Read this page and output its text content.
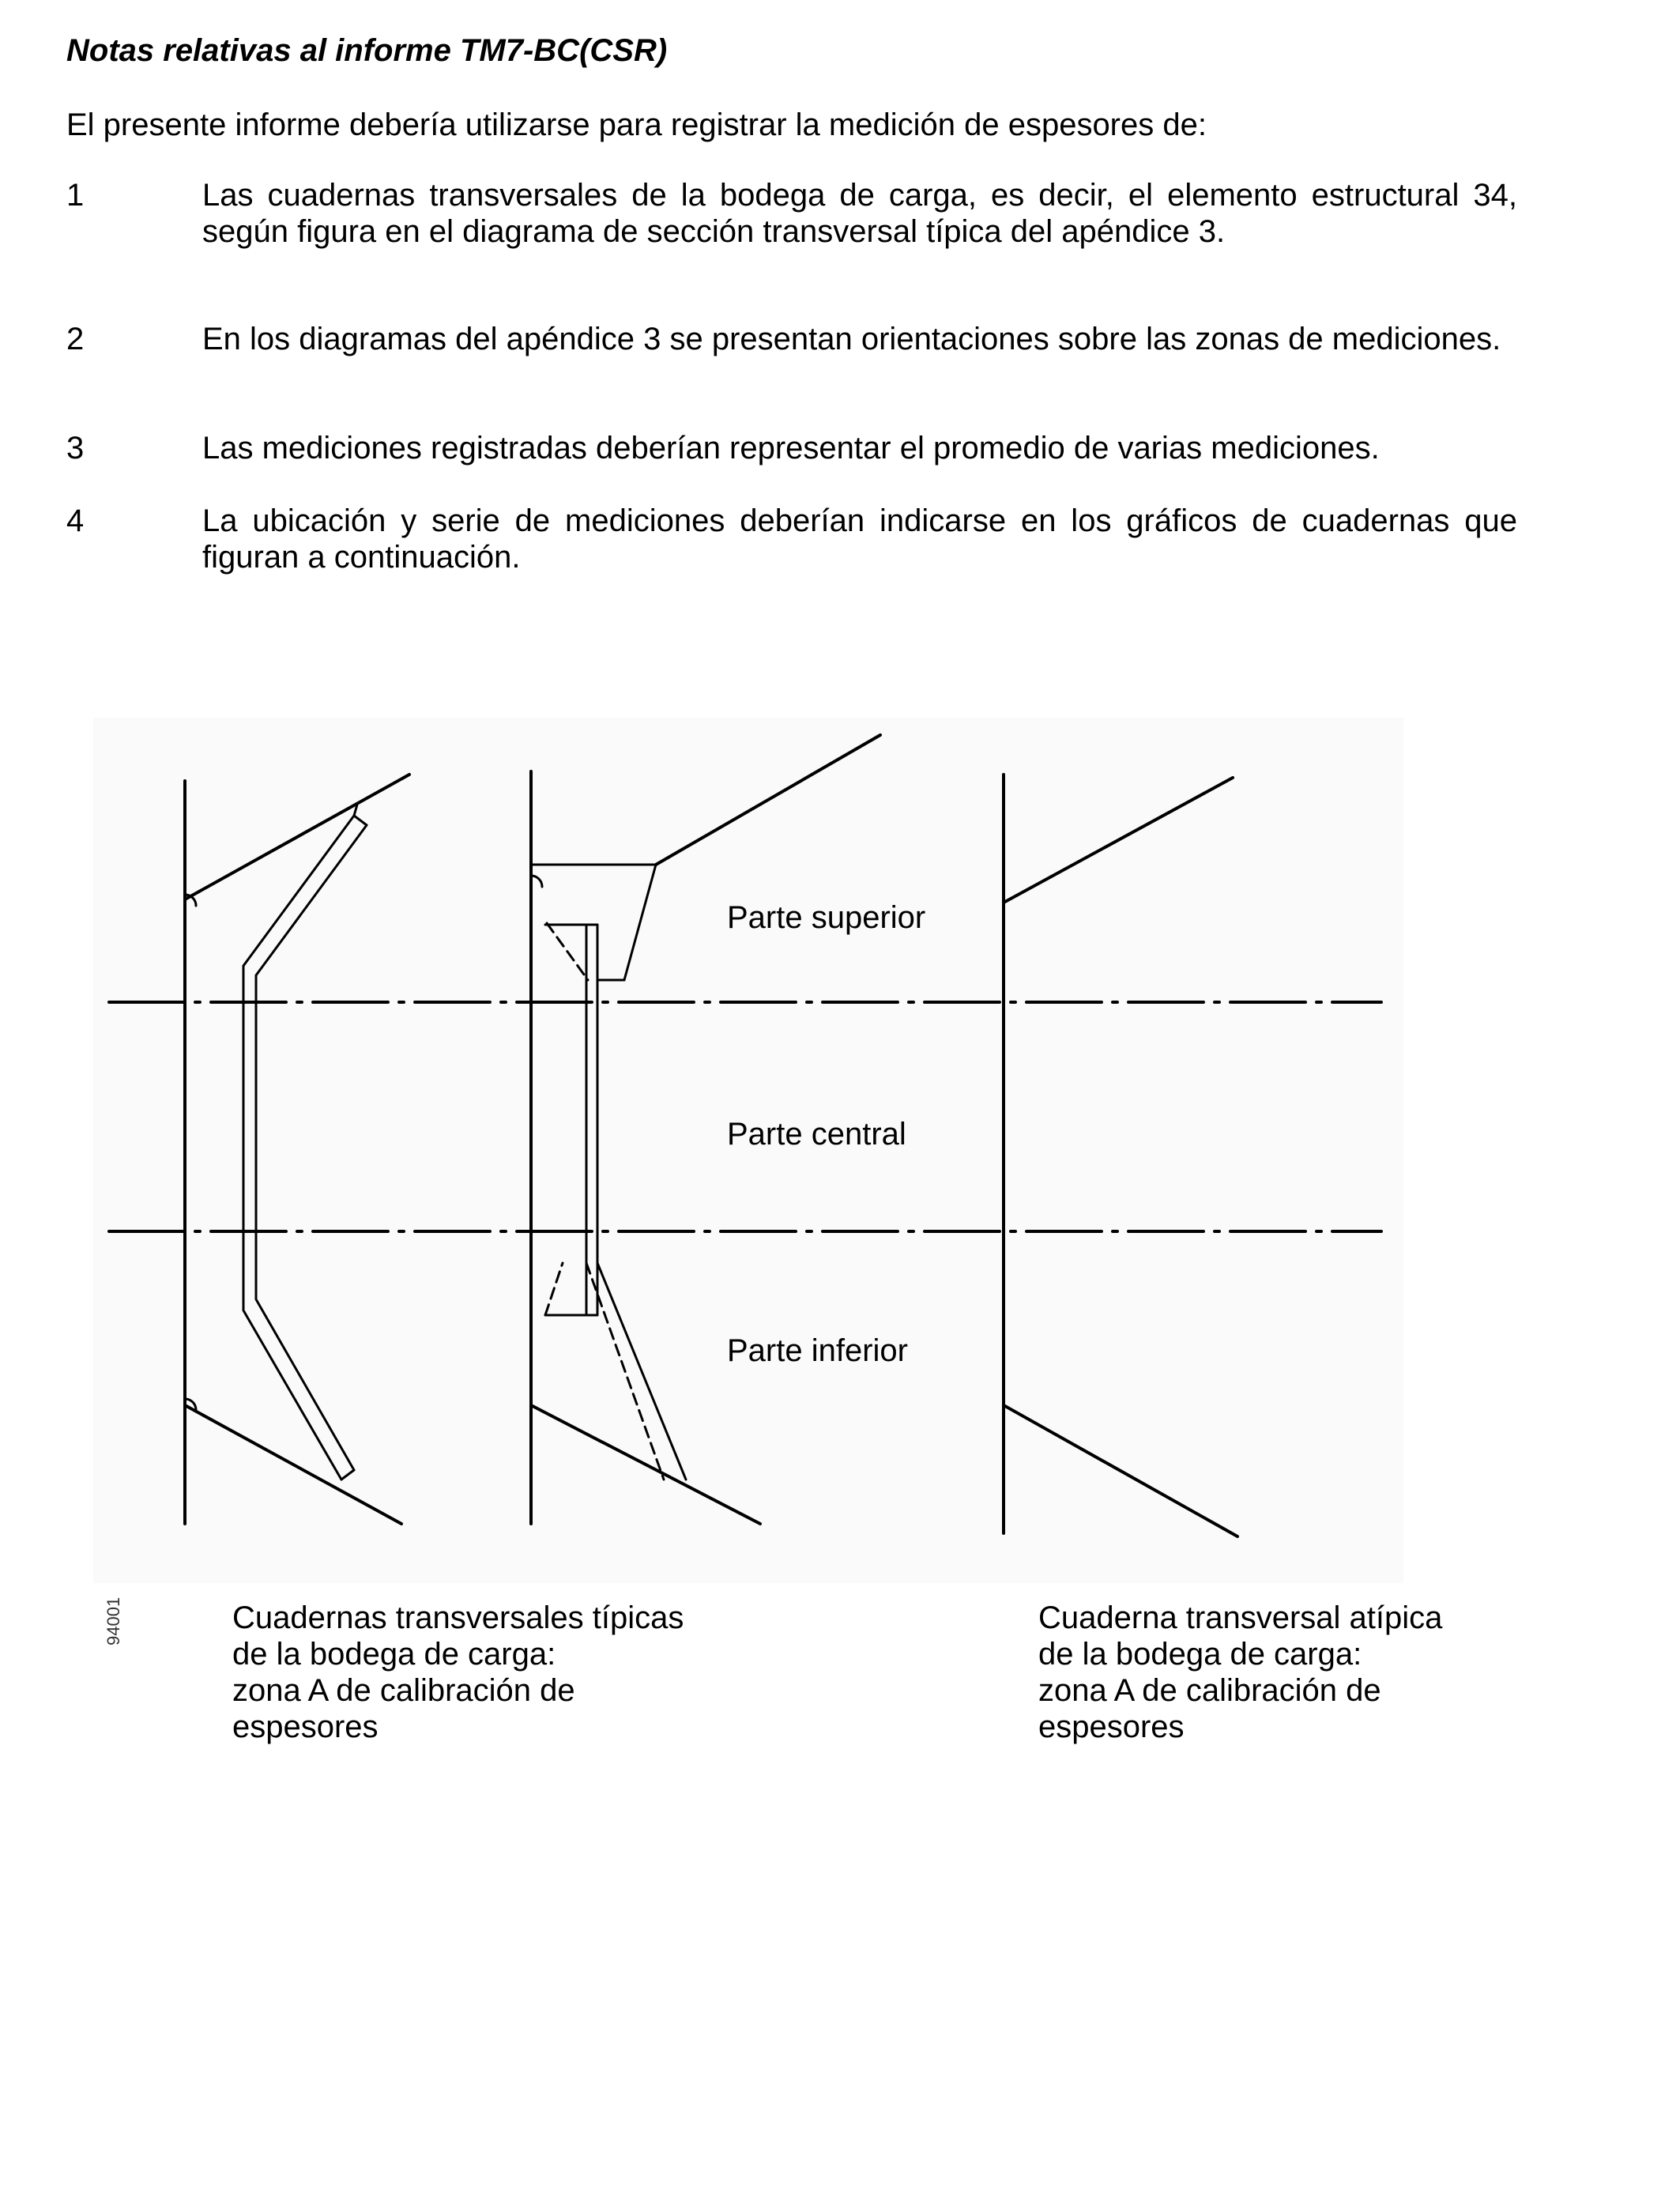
Notas relativas al informe TM7-BC(CSR)
El presente informe debería utilizarse para registrar la medición de espesores de:
1	Las cuadernas transversales de la bodega de carga, es decir, el elemento estructural 34, según figura en el diagrama de sección transversal típica del apéndice 3.
2	En los diagramas del apéndice 3 se presentan orientaciones sobre las zonas de mediciones.
3	Las mediciones registradas deberían representar el promedio de varias mediciones.
4	La ubicación y serie de mediciones deberían indicarse en los gráficos de cuadernas que figuran a continuación.
Parte superior
Parte central
Parte inferior
94001	Cuadernas transversales típicas
de la bodega de carga:
zona A de calibración de
espesores
Cuaderna transversal atípica
de la bodega de carga:
zona A de calibración de
espesores
